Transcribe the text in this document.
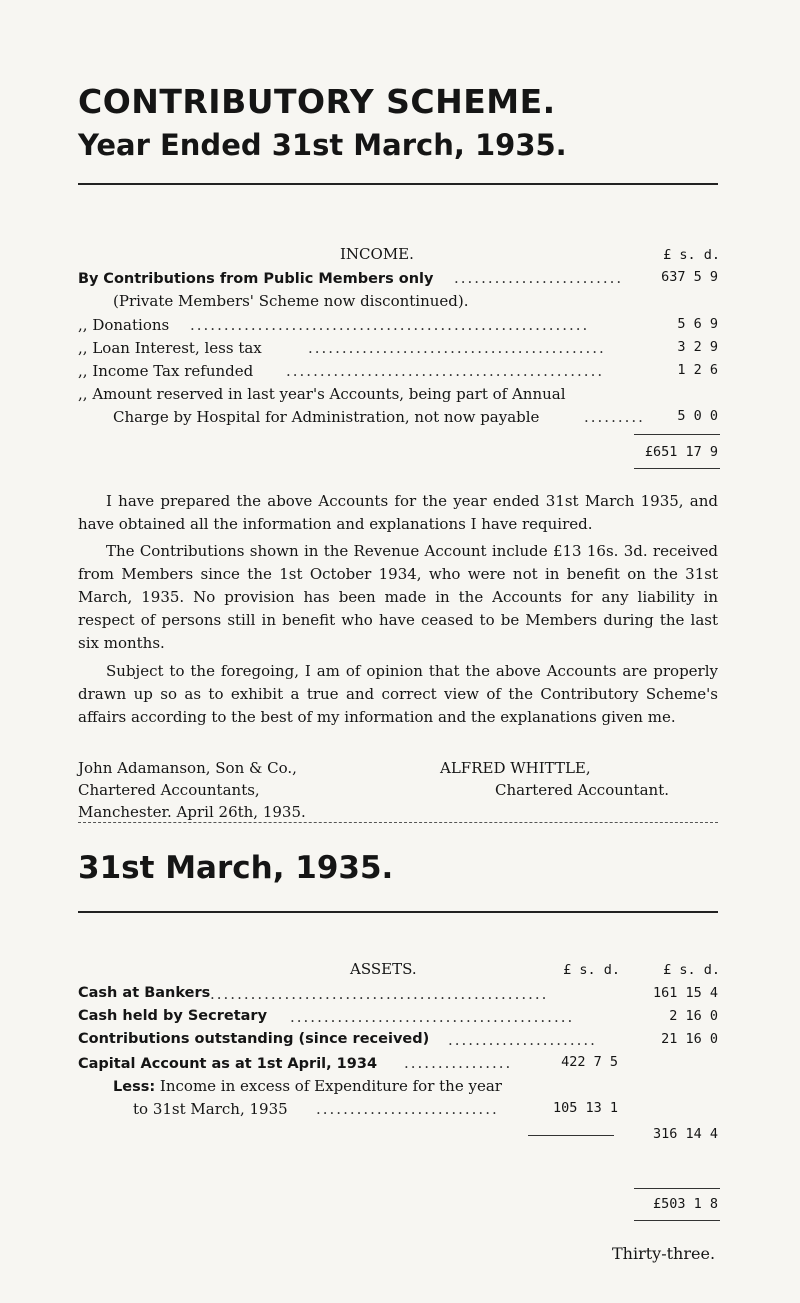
CONTRIBUTORY SCHEME.
Year Ended 31st March, 1935.
INCOME.	£ s. d.
By Contributions from Public Members only .........................	637 5 9
(Private Members' Scheme now discontinued).
,, Donations ...........................................................	5 6 9
,, Loan Interest, less tax	............................................	3 2 9
,, Income Tax refunded ...............................................	1 2 6
,, Amount reserved in last year's Accounts, being part of Annual
Charge by Hospital for Administration, not now payable	.........	5 0 0
£651 17 9

I have prepared the above Accounts for the year ended 31st March 1935, and have obtained all the information and explanations I have required.

The Contributions shown in the Revenue Account include £13 16s. 3d. received from Members since the 1st October 1934, who were not in benefit on the 31st March, 1935. No provision has been made in the Accounts for any liability in respect of persons still in benefit who have ceased to be Members during the last six months.

Subject to the foregoing, I am of opinion that the above Accounts are properly drawn up so as to exhibit a true and correct view of the Contributory Scheme's affairs according to the best of my information and the explanations given me.

John Adamanson, Son & Co.,
Chartered Accountants,
Manchester. April 26th, 1935.
ALFRED WHITTLE,
Chartered Accountant.
31st March, 1935.
ASSETS.	£ s. d.	£ s. d.
Cash at Bankers ..................................................	161 15 4
Cash held by Secretary ..........................................	2 16 0
Contributions outstanding (since received) ......................	21 16 0
Capital Account as at 1st April, 1934 ................	422 7 5
Less: Income in excess of Expenditure for the year
to 31st March, 1935 ...........................	105 13 1
316 14 4
£503 1 8
Thirty-three.
